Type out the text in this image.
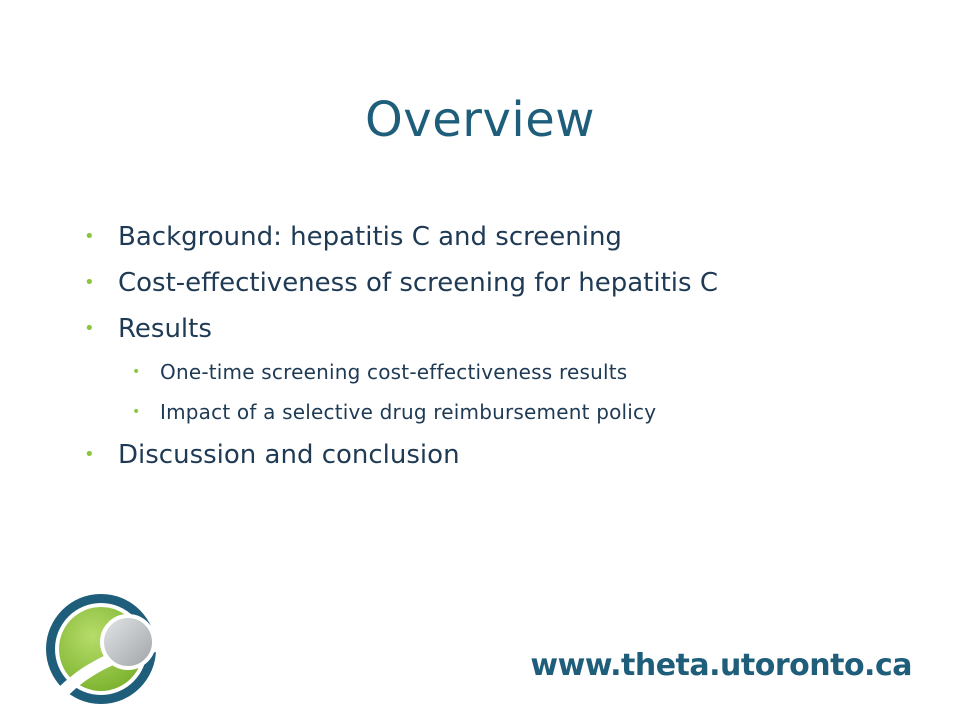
Overview
• Background: hepatitis C and screening
• Cost-effectiveness of screening for hepatitis C
• Results
• One-time screening cost-effectiveness results
• Impact of a selective drug reimbursement policy
• Discussion and conclusion
www.theta.utoronto.ca
